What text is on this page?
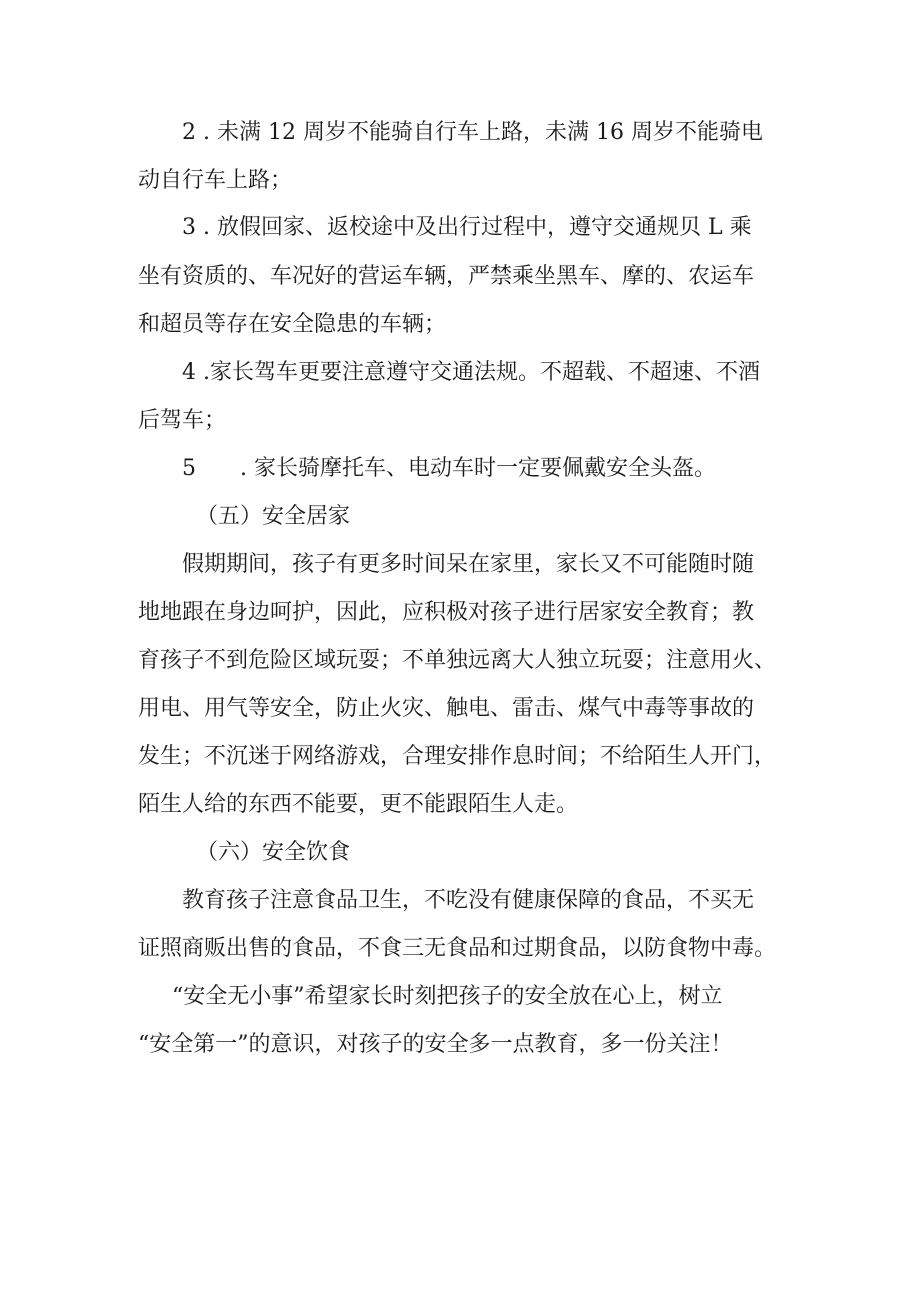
2 . 未满 12 周岁不能骑自行车上路，未满 16 周岁不能骑电
动自行车上路；
3 . 放假回家、返校途中及出行过程中，遵守交通规贝 L 乘
坐有资质的、车况好的营运车辆，严禁乘坐黑车、摩的、农运车
和超员等存在安全隐患的车辆；
4 .家长驾车更要注意遵守交通法规。不超载、不超速、不酒
后驾车；
5 . 家长骑摩托车、电动车时一定要佩戴安全头盔。
（五）安全居家
假期期间，孩子有更多时间呆在家里，家长又不可能随时随
地地跟在身边呵护，因此，应积极对孩子进行居家安全教育；教
育孩子不到危险区域玩耍；不单独远离大人独立玩耍；注意用火、
用电、用气等安全，防止火灾、触电、雷击、煤气中毒等事故的
发生；不沉迷于网络游戏，合理安排作息时间；不给陌生人开门，
陌生人给的东西不能要，更不能跟陌生人走。
（六）安全饮食
教育孩子注意食品卫生，不吃没有健康保障的食品，不买无
证照商贩出售的食品，不食三无食品和过期食品，以防食物中毒。
“安全无小事”希望家长时刻把孩子的安全放在心上，树立
“安全第一”的意识，对孩子的安全多一点教育，多一份关注！
